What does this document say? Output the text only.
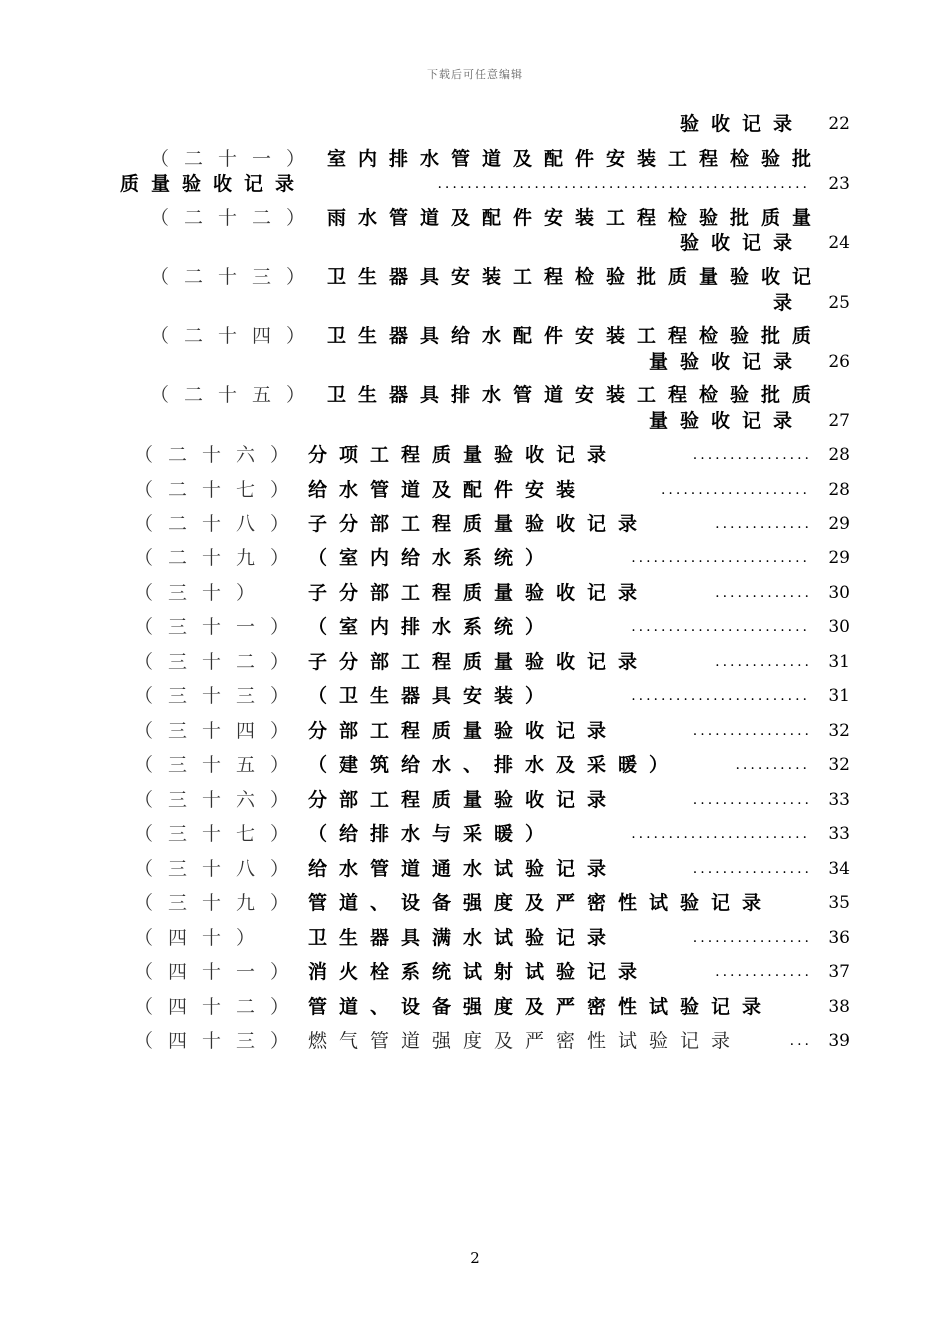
下载后可任意编辑
验收记录	22
（二十一） 室内排水管道及配件安装工程检验批
质量验收记录	..................................................	23
（二十二） 雨水管道及配件安装工程检验批质量
验收记录	24
（二十三） 卫生器具安装工程检验批质量验收记
录	25
（二十四） 卫生器具给水配件安装工程检验批质
量验收记录	26
（二十五） 卫生器具排水管道安装工程检验批质
量验收记录	27
（二十六） 分项工程质量验收记录	................ 28
（二十七） 给水管道及配件安装	....................	28
（二十八） 子分部工程质量验收记录	............. 29
（二十九） （室内给水系统）	........................	29
（三十） 子分部工程质量验收记录	............. 30
（三十一） （室内排水系统）	........................	30
（三十二） 子分部工程质量验收记录	............. 31
（三十三） （卫生器具安装）	........................	31
（三十四） 分部工程质量验收记录	................ 32
（三十五） （建筑给水、排水及采暖）	..........	32
（三十六） 分部工程质量验收记录	................ 33
（三十七） （给排水与采暖）	........................	33
（三十八） 给水管道通水试验记录	................ 34
（三十九） 管道、设备强度及严密性试验记录	35
（四十） 卫生器具满水试验记录	................ 36
（四十一） 消火栓系统试射试验记录	............. 37
（四十二） 管道、设备强度及严密性试验记录	38
（四十三） 燃气管道强度及严密性试验记录	... 39
2
